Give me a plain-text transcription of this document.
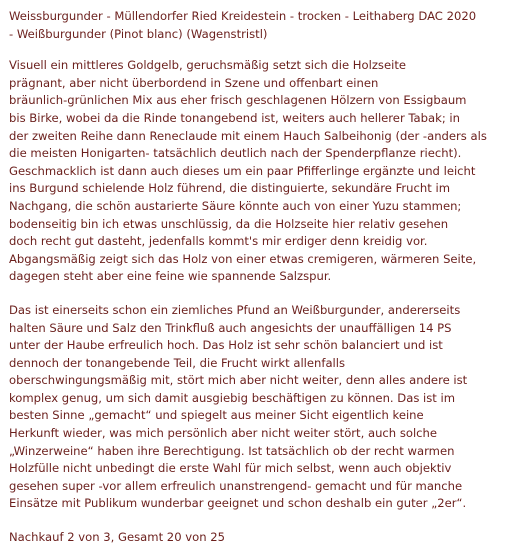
Weissburgunder - Müllendorfer Ried Kreidestein - trocken - Leithaberg DAC 2020
- Weißburgunder (Pinot blanc) (Wagenstristl)
Visuell ein mittleres Goldgelb, geruchsmäßig setzt sich die Holzseite
prägnant, aber nicht überbordend in Szene und offenbart einen
bräunlich-grünlichen Mix aus eher frisch geschlagenen Hölzern von Essigbaum
bis Birke, wobei da die Rinde tonangebend ist, weiters auch hellerer Tabak; in
der zweiten Reihe dann Reneclaude mit einem Hauch Salbeihonig (der -anders als
die meisten Honigarten- tatsächlich deutlich nach der Spenderpflanze riecht).
Geschmacklich ist dann auch dieses um ein paar Pfifferlinge ergänzte und leicht
ins Burgund schielende Holz führend, die distinguierte, sekundäre Frucht im
Nachgang, die schön austarierte Säure könnte auch von einer Yuzu stammen;
bodenseitig bin ich etwas unschlüssig, da die Holzseite hier relativ gesehen
doch recht gut dasteht, jedenfalls kommt's mir erdiger denn kreidig vor.
Abgangsmäßig zeigt sich das Holz von einer etwas cremigeren, wärmeren Seite,
dagegen steht aber eine feine wie spannende Salzspur.
Das ist einerseits schon ein ziemliches Pfund an Weißburgunder, andererseits
halten Säure und Salz den Trinkfluß auch angesichts der unauffälligen 14 PS
unter der Haube erfreulich hoch. Das Holz ist sehr schön balanciert und ist
dennoch der tonangebende Teil, die Frucht wirkt allenfalls
oberschwingungsmäßig mit, stört mich aber nicht weiter, denn alles andere ist
komplex genug, um sich damit ausgiebig beschäftigen zu können. Das ist im
besten Sinne „gemacht“ und spiegelt aus meiner Sicht eigentlich keine
Herkunft wieder, was mich persönlich aber nicht weiter stört, auch solche
„Winzerweine“ haben ihre Berechtigung. Ist tatsächlich ob der recht warmen
Holzfülle nicht unbedingt die erste Wahl für mich selbst, wenn auch objektiv
gesehen super -vor allem erfreulich unanstrengend- gemacht und für manche
Einsätze mit Publikum wunderbar geeignet und schon deshalb ein guter „2er“.
Nachkauf 2 von 3, Gesamt 20 von 25
